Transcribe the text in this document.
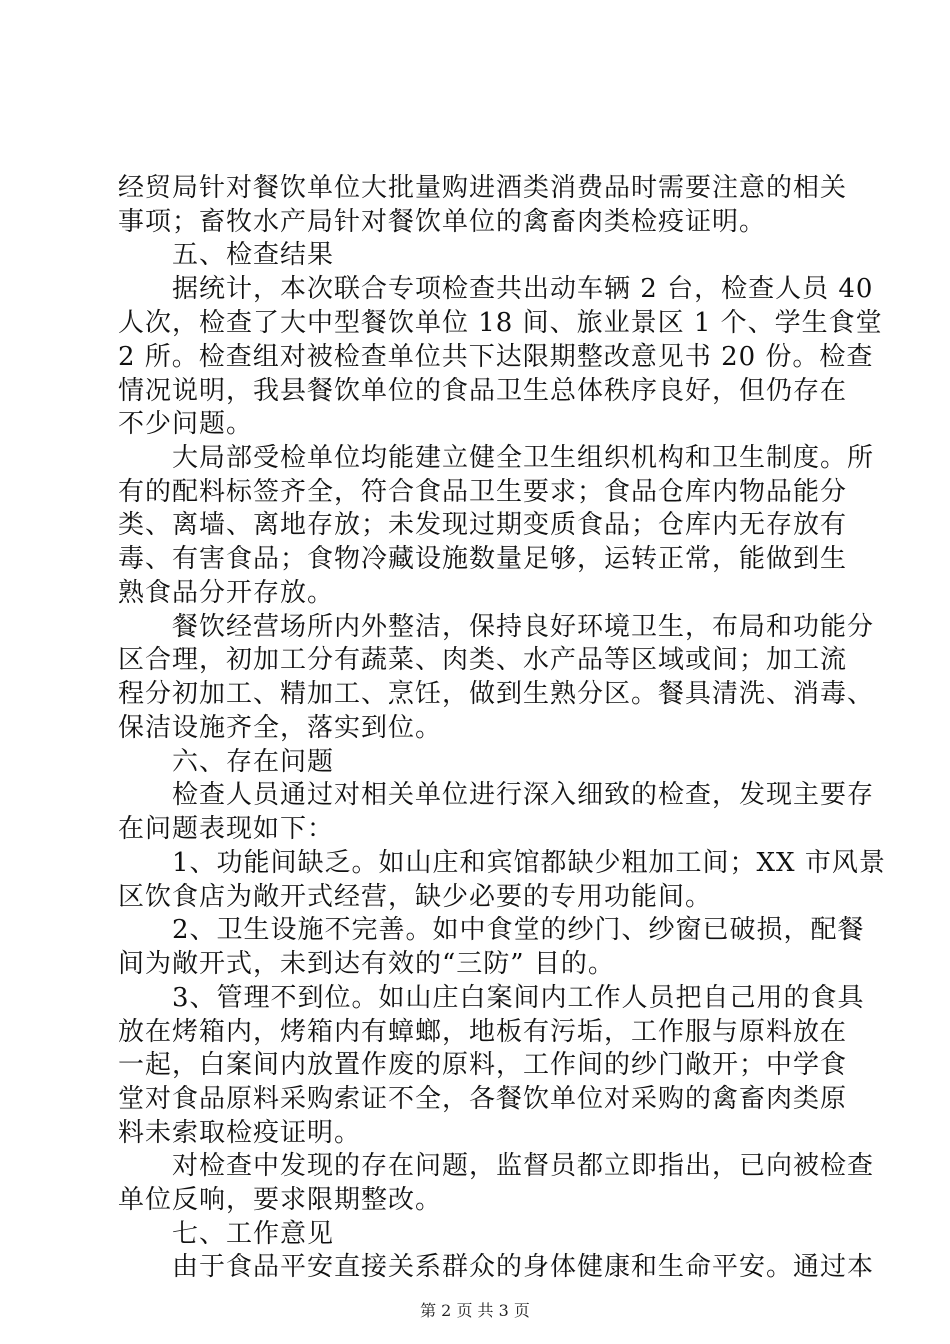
经贸局针对餐饮单位大批量购进酒类消费品时需要注意的相关
事项；畜牧水产局针对餐饮单位的禽畜肉类检疫证明。
　　五、检查结果
　　据统计，本次联合专项检查共出动车辆 2 台，检查人员 40
人次，检查了大中型餐饮单位 18 间、旅业景区 1 个、学生食堂
2 所。检查组对被检查单位共下达限期整改意见书 20 份。检查
情况说明，我县餐饮单位的食品卫生总体秩序良好，但仍存在
不少问题。
　　大局部受检单位均能建立健全卫生组织机构和卫生制度。所
有的配料标签齐全，符合食品卫生要求；食品仓库内物品能分
类、离墙、离地存放；未发现过期变质食品；仓库内无存放有
毒、有害食品；食物冷藏设施数量足够，运转正常，能做到生
熟食品分开存放。
　　餐饮经营场所内外整洁，保持良好环境卫生，布局和功能分
区合理，初加工分有蔬菜、肉类、水产品等区域或间；加工流
程分初加工、精加工、烹饪，做到生熟分区。餐具清洗、消毒、
保洁设施齐全，落实到位。
　　六、存在问题
　　检查人员通过对相关单位进行深入细致的检查，发现主要存
在问题表现如下：
　　1、功能间缺乏。如山庄和宾馆都缺少粗加工间；XX 市风景
区饮食店为敞开式经营，缺少必要的专用功能间。
　　2、卫生设施不完善。如中食堂的纱门、纱窗已破损，配餐
间为敞开式，未到达有效的“三防” 目的。
　　3、管理不到位。如山庄白案间内工作人员把自己用的食具
放在烤箱内，烤箱内有蟑螂，地板有污垢，工作服与原料放在
一起，白案间内放置作废的原料，工作间的纱门敞开；中学食
堂对食品原料采购索证不全，各餐饮单位对采购的禽畜肉类原
料未索取检疫证明。
　　对检查中发现的存在问题，监督员都立即指出，已向被检查
单位反响，要求限期整改。
　　七、工作意见
　　由于食品平安直接关系群众的身体健康和生命平安。通过本
第 2 页 共 3 页
